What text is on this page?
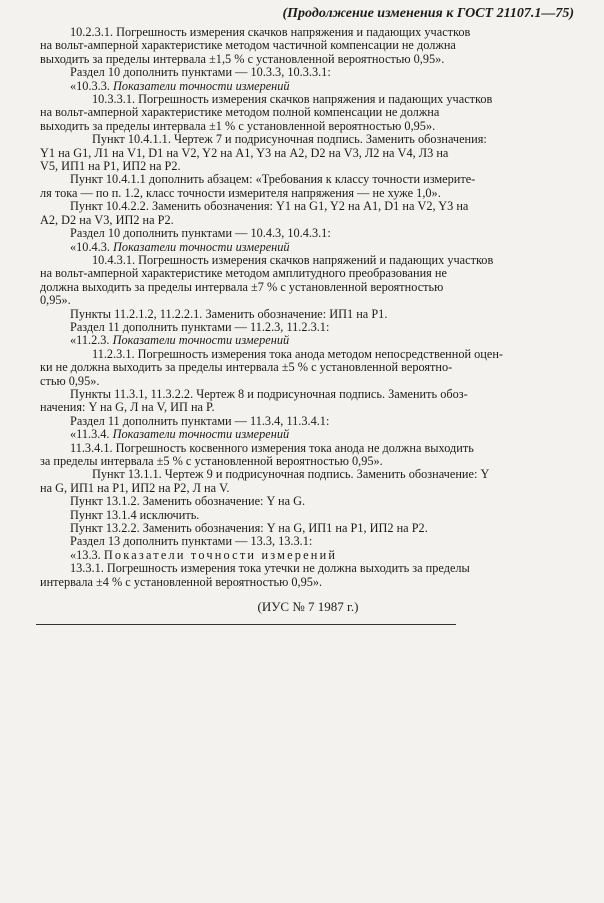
(Продолжение изменения к ГОСТ 21107.1—75)
10.2.3.1. Погрешность измерения скачков напряжения и падающих участков
на вольт-амперной характеристике методом частичной компенсации не должна
выходить за пределы интервала ±1,5 % с установленной вероятностью 0,95».
Раздел 10 дополнить пунктами — 10.3.3, 10.3.3.1:
«10.3.3. Показатели точности измерений
10.3.3.1. Погрешность измерения скачков напряжения и падающих участков
на вольт-амперной характеристике методом полной компенсации не должна
выходить за пределы интервала ±1 % с установленной вероятностью 0,95».
Пункт 10.4.1.1. Чертеж 7 и подрисуночная подпись. Заменить обозначения:
Y1 на G1, Л1 на V1, D1 на V2, Y2 на A1, Y3 на A2, D2 на V3, Л2 на V4, Л3 на
V5, ИП1 на P1, ИП2 на P2.
Пункт 10.4.1.1 дополнить абзацем: «Требования к классу точности измерите-
ля тока — по п. 1.2, класс точности измерителя напряжения — не хуже 1,0».
Пункт 10.4.2.2. Заменить обозначения: Y1 на G1, Y2 на A1, D1 на V2, Y3 на
A2, D2 на V3, ИП2 на P2.
Раздел 10 дополнить пунктами — 10.4.3, 10.4.3.1:
«10.4.3. Показатели точности измерений
10.4.3.1. Погрешность измерения скачков напряжений и падающих участков
на вольт-амперной характеристике методом амплитудного преобразования не
должна выходить за пределы интервала ±7 % с установленной вероятностью
0,95».
Пункты 11.2.1.2, 11.2.2.1. Заменить обозначение: ИП1 на P1.
Раздел 11 дополнить пунктами — 11.2.3, 11.2.3.1:
«11.2.3. Показатели точности измерений
11.2.3.1. Погрешность измерения тока анода методом непосредственной оцен-
ки не должна выходить за пределы интервала ±5 % с установленной вероятно-
стью 0,95».
Пункты 11.3.1, 11.3.2.2. Чертеж 8 и подрисуночная подпись. Заменить обоз-
начения: Y на G, Л на V, ИП на P.
Раздел 11 дополнить пунктами — 11.3.4, 11.3.4.1:
«11.3.4. Показатели точности измерений
11.3.4.1. Погрешность косвенного измерения тока анода не должна выходить
за пределы интервала ±5 % с установленной вероятностью 0,95».
Пункт 13.1.1. Чертеж 9 и подрисуночная подпись. Заменить обозначение: Y
на G, ИП1 на P1, ИП2 на P2, Л на V.
Пункт 13.1.2. Заменить обозначение: Y на G.
Пункт 13.1.4 исключить.
Пункт 13.2.2. Заменить обозначения: Y на G, ИП1 на P1, ИП2 на P2.
Раздел 13 дополнить пунктами — 13.3, 13.3.1:
«13.3. Показатели точности измерений
13.3.1. Погрешность измерения тока утечки не должна выходить за пределы
интервала ±4 % с установленной вероятностью 0,95».
(ИУС № 7 1987 г.)
